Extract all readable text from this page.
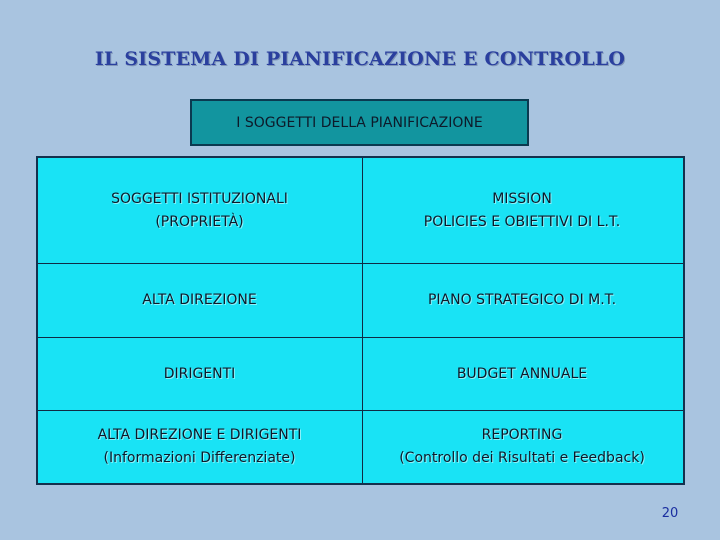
IL SISTEMA DI PIANIFICAZIONE E CONTROLLO
I SOGGETTI DELLA PIANIFICAZIONE
SOGGETTI ISTITUZIONALI
(PROPRIETÀ)
MISSION
POLICIES E OBIETTIVI DI L.T.
ALTA DIREZIONE	PIANO STRATEGICO DI M.T.
DIRIGENTI	BUDGET ANNUALE
ALTA DIREZIONE E DIRIGENTI
(Informazioni Differenziate)
REPORTING
(Controllo dei Risultati e Feedback)
20
